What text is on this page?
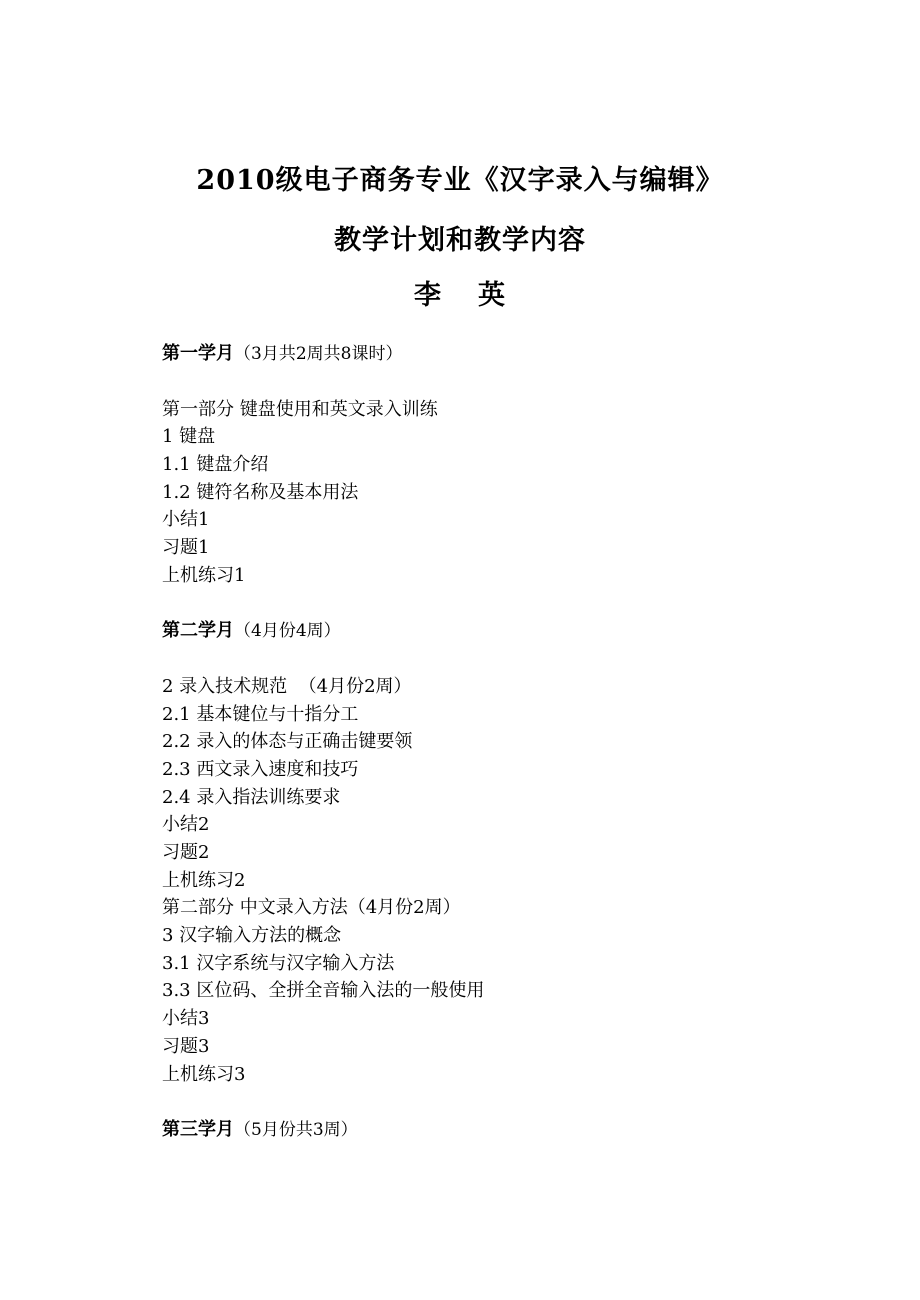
2010级电子商务专业《汉字录入与编辑》
教学计划和教学内容
李 英
第一学月（3月共2周共8课时）
第一部分 键盘使用和英文录入训练
1 键盘
1.1 键盘介绍
1.2 键符名称及基本用法
小结1
习题1
上机练习1
第二学月（4月份4周）
2 录入技术规范  （4月份2周）
2.1 基本键位与十指分工
2.2 录入的体态与正确击键要领
2.3 西文录入速度和技巧
2.4 录入指法训练要求
小结2
习题2
上机练习2
第二部分 中文录入方法（4月份2周）
3 汉字输入方法的概念
3.1 汉字系统与汉字输入方法
3.3 区位码、全拼全音输入法的一般使用
小结3
习题3
上机练习3
第三学月（5月份共3周）
